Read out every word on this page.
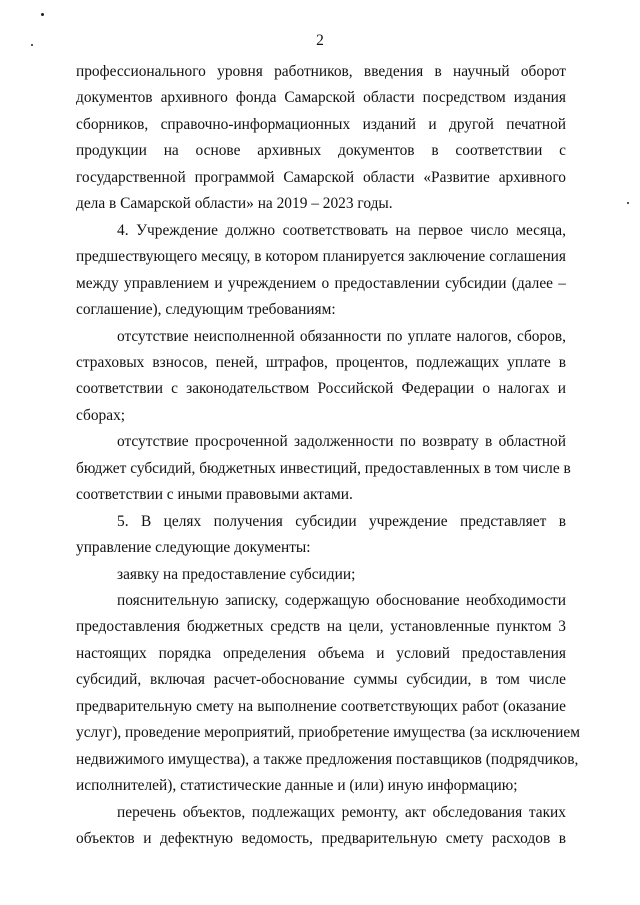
2
профессионального уровня работников, введения в научный оборот
документов архивного фонда Самарской области посредством издания
сборников, справочно-информационных изданий и другой печатной
продукции на основе архивных документов в соответствии с
государственной программой Самарской области «Развитие архивного
дела в Самарской области» на 2019 – 2023 годы.
4. Учреждение должно соответствовать на первое число месяца,
предшествующего месяцу, в котором планируется заключение соглашения
между управлением и учреждением о предоставлении субсидии (далее –
соглашение), следующим требованиям:
отсутствие неисполненной обязанности по уплате налогов, сборов,
страховых взносов, пеней, штрафов, процентов, подлежащих уплате в
соответствии с законодательством Российской Федерации о налогах и
сборах;
отсутствие просроченной задолженности по возврату в областной
бюджет субсидий, бюджетных инвестиций, предоставленных в том числе в
соответствии с иными правовыми актами.
5. В целях получения субсидии учреждение представляет в
управление следующие документы:
заявку на предоставление субсидии;
пояснительную записку, содержащую обоснование необходимости
предоставления бюджетных средств на цели, установленные пунктом 3
настоящих порядка определения объема и условий предоставления
субсидий, включая расчет-обоснование суммы субсидии, в том числе
предварительную смету на выполнение соответствующих работ (оказание
услуг), проведение мероприятий, приобретение имущества (за исключением
недвижимого имущества), а также предложения поставщиков (подрядчиков,
исполнителей), статистические данные и (или) иную информацию;
перечень объектов, подлежащих ремонту, акт обследования таких
объектов и дефектную ведомость, предварительную смету расходов в
